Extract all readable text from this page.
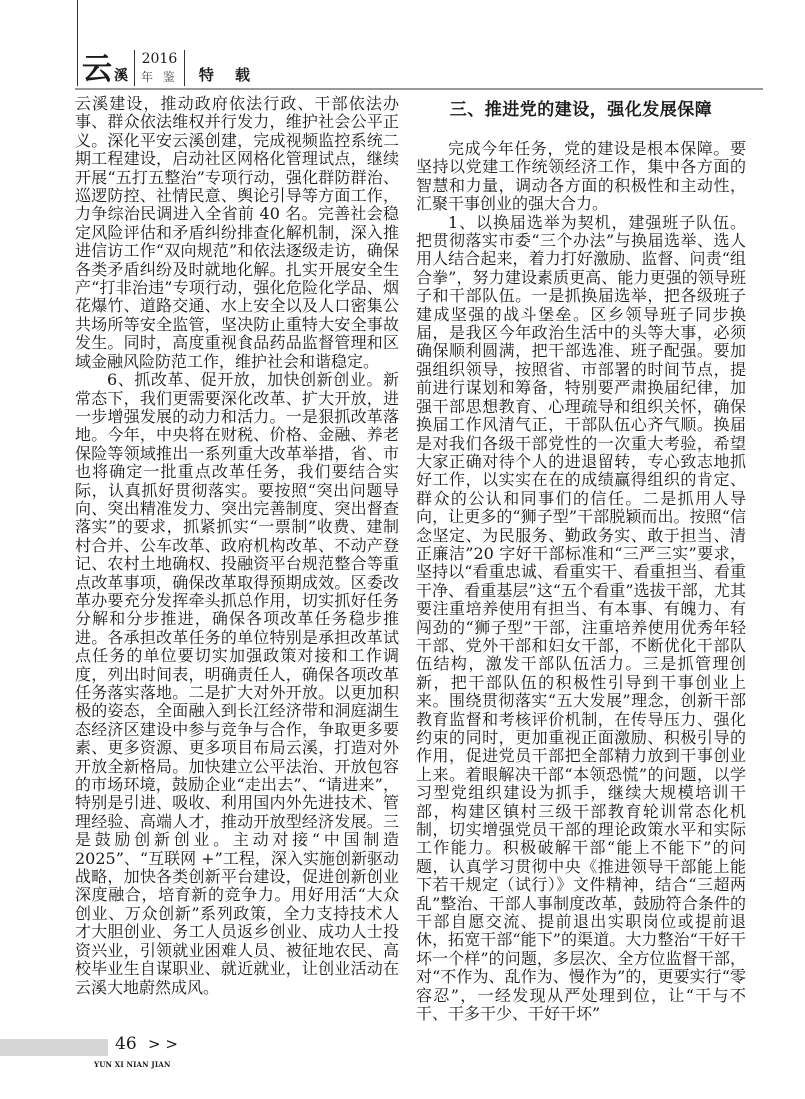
云 溪
2016
年 鉴 特 载

云溪建设，推动政府依法行政、干部依法办事、群众依法维权并行发力，维护社会公平正义。深化平安云溪创建，完成视频监控系统二期工程建设，启动社区网格化管理试点，继续开展“五打五整治”专项行动，强化群防群治、巡逻防控、社情民意、舆论引导等方面工作，力争综治民调进入全省前 40 名。完善社会稳定风险评估和矛盾纠纷排查化解机制，深入推进信访工作“双向规范”和依法逐级走访，确保各类矛盾纠纷及时就地化解。扎实开展安全生产“打非治违”专项行动，强化危险化学品、烟花爆竹、道路交通、水上安全以及人口密集公共场所等安全监管，坚决防止重特大安全事故发生。同时，高度重视食品药品监督管理和区域金融风险防范工作，维护社会和谐稳定。

6、抓改革、促开放，加快创新创业。新常态下，我们更需要深化改革、扩大开放，进一步增强发展的动力和活力。一是狠抓改革落地。今年，中央将在财税、价格、金融、养老保险等领域推出一系列重大改革举措，省、市也将确定一批重点改革任务，我们要结合实际，认真抓好贯彻落实。要按照“突出问题导向、突出精准发力、突出完善制度、突出督查落实”的要求，抓紧抓实“一票制”收费、建制村合并、公车改革、政府机构改革、不动产登记、农村土地确权、投融资平台规范整合等重点改革事项，确保改革取得预期成效。区委改革办要充分发挥牵头抓总作用，切实抓好任务分解和分步推进，确保各项改革任务稳步推进。各承担改革任务的单位特别是承担改革试点任务的单位要切实加强政策对接和工作调度，列出时间表，明确责任人，确保各项改革任务落实落地。二是扩大对外开放。以更加积极的姿态，全面融入到长江经济带和洞庭湖生态经济区建设中参与竞争与合作，争取更多要素、更多资源、更多项目布局云溪，打造对外开放全新格局。加快建立公平法治、开放包容的市场环境，鼓励企业“走出去”、“请进来”，特别是引进、吸收、利用国内外先进技术、管理经验、高端人才，推动开放型经济发展。三是鼓励创新创业。主动对接“中国制造 2025”、“互联网 +”工程，深入实施创新驱动战略，加快各类创新平台建设，促进创新创业深度融合，培育新的竞争力。用好用活“大众创业、万众创新”系列政策，全力支持技术人才大胆创业、务工人员返乡创业、成功人士投资兴业，引领就业困难人员、被征地农民、高校毕业生自谋职业、就近就业，让创业活动在云溪大地蔚然成风。

三、推进党的建设，强化发展保障

完成今年任务，党的建设是根本保障。要坚持以党建工作统领经济工作，集中各方面的智慧和力量，调动各方面的积极性和主动性，汇聚干事创业的强大合力。

1、以换届选举为契机，建强班子队伍。把贯彻落实市委“三个办法”与换届选举、选人用人结合起来，着力打好激励、监督、问责“组合拳”，努力建设素质更高、能力更强的领导班子和干部队伍。一是抓换届选举，把各级班子建成坚强的战斗堡垒。区乡领导班子同步换届，是我区今年政治生活中的头等大事，必须确保顺利圆满，把干部选准、班子配强。要加强组织领导，按照省、市部署的时间节点，提前进行谋划和筹备，特别要严肃换届纪律，加强干部思想教育、心理疏导和组织关怀，确保换届工作风清气正，干部队伍心齐气顺。换届是对我们各级干部党性的一次重大考验，希望大家正确对待个人的进退留转，专心致志地抓好工作，以实实在在的成绩赢得组织的肯定、群众的公认和同事们的信任。二是抓用人导向，让更多的“狮子型”干部脱颖而出。按照“信念坚定、为民服务、勤政务实、敢于担当、清正廉洁”20 字好干部标准和“三严三实”要求，坚持以“看重忠诚、看重实干、看重担当、看重干净、看重基层”这“五个看重”选拔干部，尤其要注重培养使用有担当、有本事、有魄力、有闯劲的“狮子型”干部，注重培养使用优秀年轻干部、党外干部和妇女干部，不断优化干部队伍结构，激发干部队伍活力。三是抓管理创新，把干部队伍的积极性引导到干事创业上来。围绕贯彻落实“五大发展”理念，创新干部教育监督和考核评价机制，在传导压力、强化约束的同时，更加重视正面激励、积极引导的作用，促进党员干部把全部精力放到干事创业上来。着眼解决干部“本领恐慌”的问题，以学习型党组织建设为抓手，继续大规模培训干部，构建区镇村三级干部教育轮训常态化机制，切实增强党员干部的理论政策水平和实际工作能力。积极破解干部“能上不能下”的问题，认真学习贯彻中央《推进领导干部能上能下若干规定（试行）》文件精神，结合“三超两乱”整治、干部人事制度改革，鼓励符合条件的干部自愿交流、提前退出实职岗位或提前退休，拓宽干部“能下”的渠道。大力整治“干好干坏一个样”的问题，多层次、全方位监督干部，对“不作为、乱作为、慢作为”的，更要实行“零容忍”，一经发现从严处理到位，让“干与不干、干多干少、干好干坏”

46 > >
YUN XI NIAN JIAN
